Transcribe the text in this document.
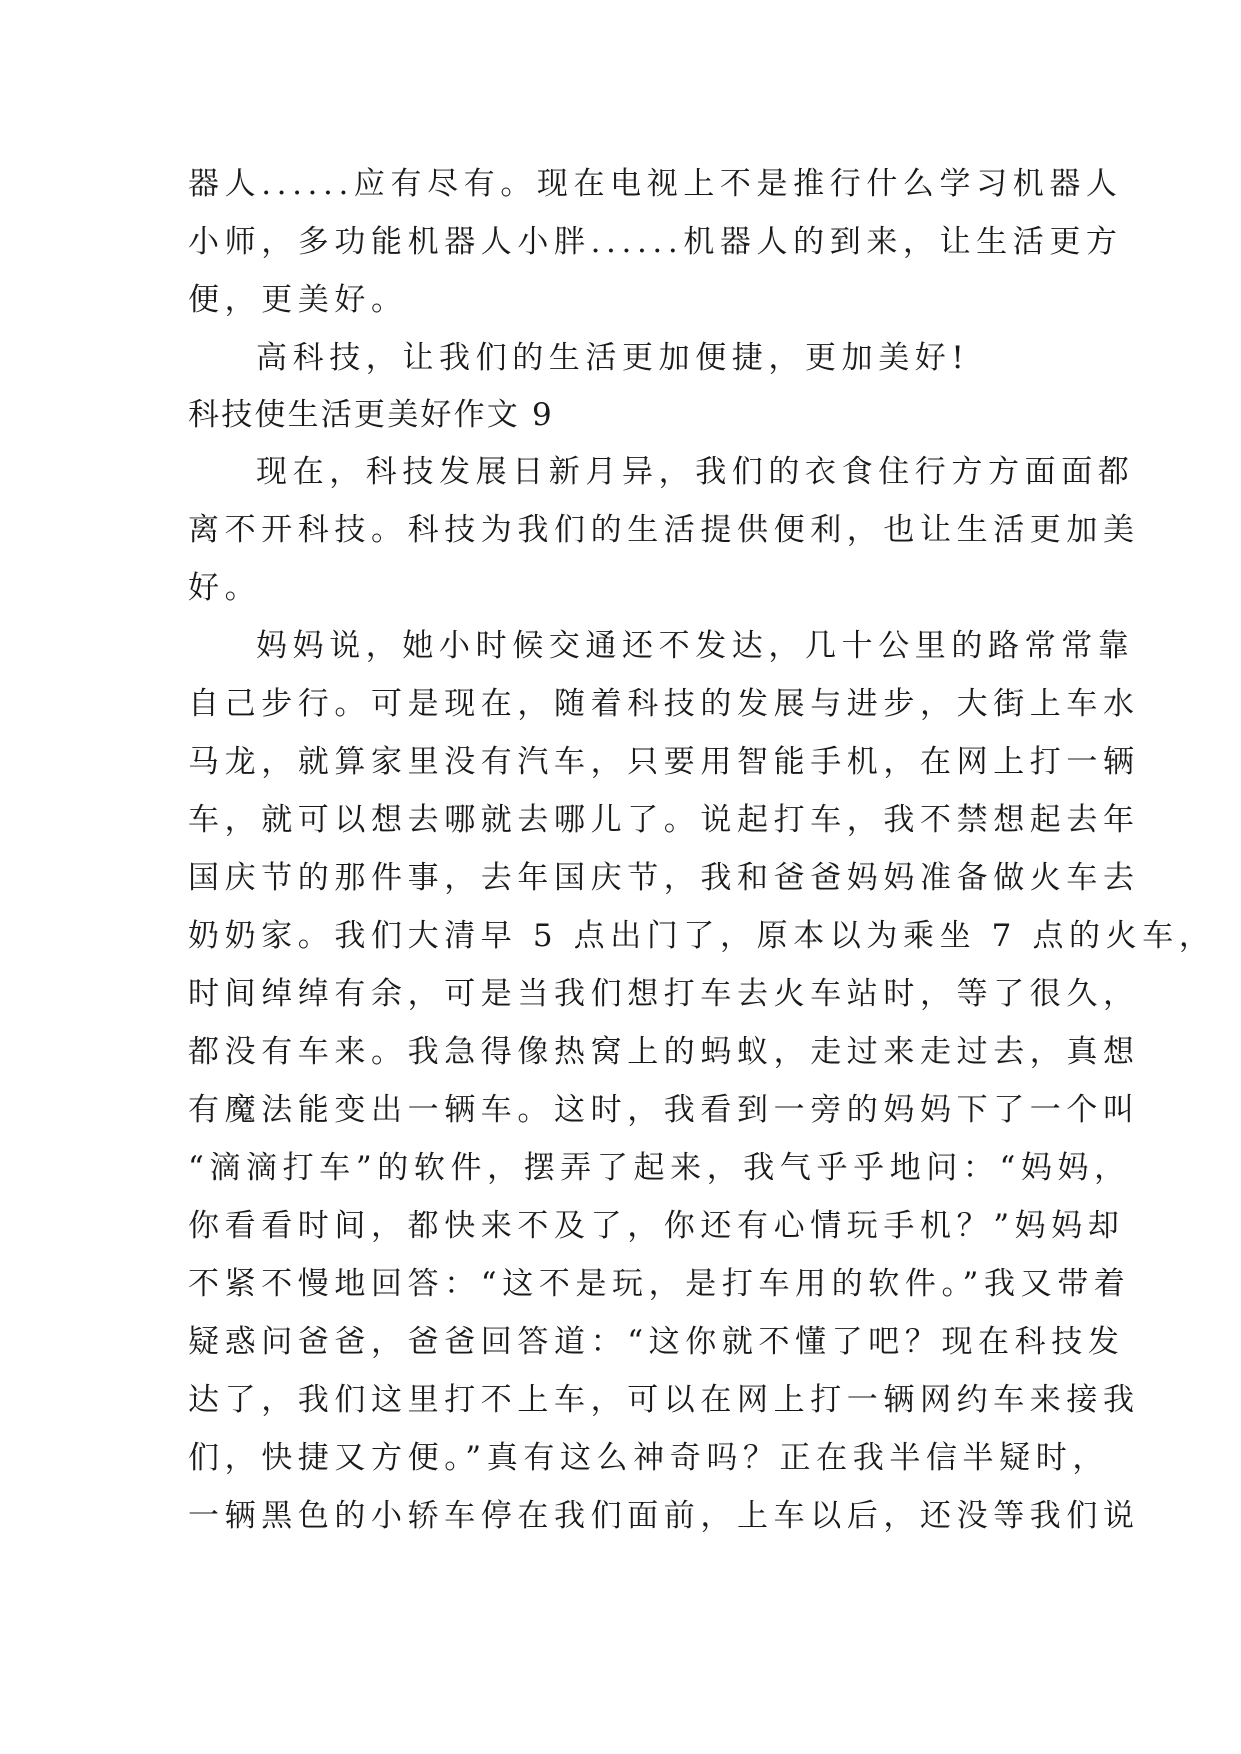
器人......应有尽有。现在电视上不是推行什么学习机器人
小师，多功能机器人小胖......机器人的到来，让生活更方
便，更美好。
高科技，让我们的生活更加便捷，更加美好!
科技使生活更美好作文 9
现在，科技发展日新月异，我们的衣食住行方方面面都
离不开科技。科技为我们的生活提供便利，也让生活更加美
好。
妈妈说，她小时候交通还不发达，几十公里的路常常靠
自己步行。可是现在，随着科技的发展与进步，大街上车水
马龙，就算家里没有汽车，只要用智能手机，在网上打一辆
车，就可以想去哪就去哪儿了。说起打车，我不禁想起去年
国庆节的那件事，去年国庆节，我和爸爸妈妈准备做火车去
奶奶家。我们大清早 5 点出门了，原本以为乘坐 7 点的火车，
时间绰绰有余，可是当我们想打车去火车站时，等了很久，
都没有车来。我急得像热窝上的蚂蚁，走过来走过去，真想
有魔法能变出一辆车。这时，我看到一旁的妈妈下了一个叫
“滴滴打车”的软件，摆弄了起来，我气乎乎地问：“妈妈，
你看看时间，都快来不及了，你还有心情玩手机？”妈妈却
不紧不慢地回答：“这不是玩，是打车用的软件。”我又带着
疑惑问爸爸，爸爸回答道：“这你就不懂了吧？现在科技发
达了，我们这里打不上车，可以在网上打一辆网约车来接我
们，快捷又方便。”真有这么神奇吗？正在我半信半疑时，
一辆黑色的小轿车停在我们面前，上车以后，还没等我们说
